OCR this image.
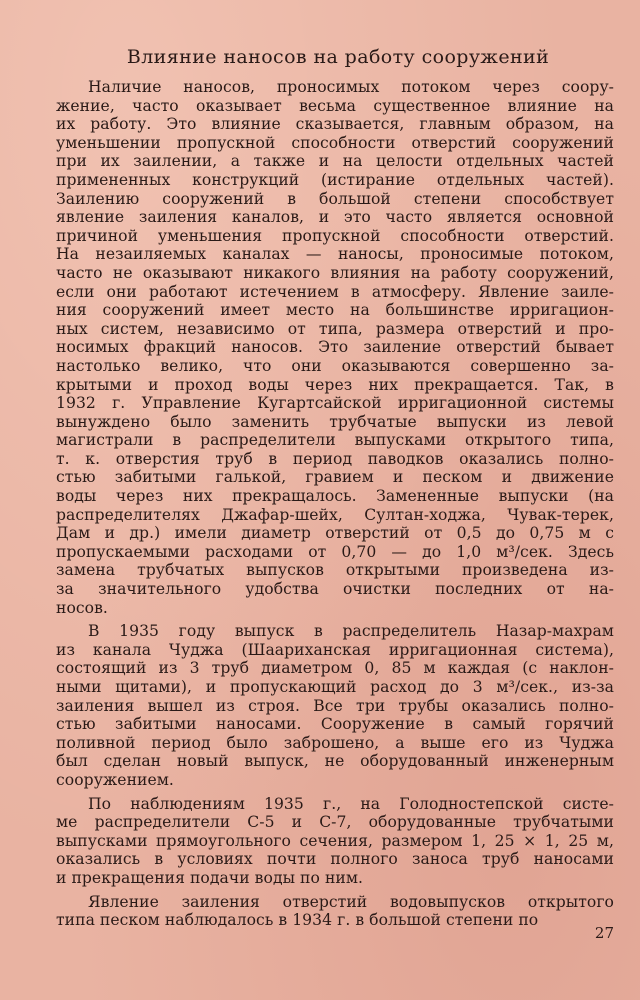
Влияние наносов на работу сооружений
Наличие наносов, проносимых потоком через соору-
жение, часто оказывает весьма существенное влияние на
их работу. Это влияние сказывается, главным образом, на
уменьшении пропускной способности отверстий сооружений
при их заилении, а также и на целости отдельных частей
примененных конструкций (истирание отдельных частей).
Заилению сооружений в большой степени способствует
явление заиления каналов, и это часто является основной
причиной уменьшения пропускной способности отверстий.
На незаиляемых каналах — наносы, проносимые потоком,
часто не оказывают никакого влияния на работу сооружений,
если они работают истечением в атмосферу. Явление заиле-
ния сооружений имеет место на большинстве ирригацион-
ных систем, независимо от типа, размера отверстий и про-
носимых фракций наносов. Это заиление отверстий бывает
настолько велико, что они оказываются совершенно за-
крытыми и проход воды через них прекращается. Так, в
1932 г. Управление Кугартсайской ирригационной системы
вынуждено было заменить трубчатые выпуски из левой
магистрали в распределители выпусками открытого типа,
т. к. отверстия труб в период паводков оказались полно-
стью забитыми галькой, гравием и песком и движение
воды через них прекращалось. Замененные выпуски (на
распределителях Джафар-шейх, Султан-ходжа, Чувак-терек,
Дам и др.) имели диаметр отверстий от 0,5 до 0,75 м с
пропускаемыми расходами от 0,70 — до 1,0 м³/сек. Здесь
замена трубчатых выпусков открытыми произведена из-
за значительного удобства очистки последних от на-
носов.
В 1935 году выпуск в распределитель Назар-махрам
из канала Чуджа (Шаариханская ирригационная система),
состоящий из 3 труб диаметром 0, 85 м каждая (с наклон-
ными щитами), и пропускающий расход до 3 м³/сек., из-за
заиления вышел из строя. Все три трубы оказались полно-
стью забитыми наносами. Сооружение в самый горячий
поливной период было заброшено, а выше его из Чуджа
был сделан новый выпуск, не оборудованный инженерным
сооружением.
По наблюдениям 1935 г., на Голодностепской систе-
ме распределители С-5 и С-7, оборудованные трубчатыми
выпусками прямоугольного сечения, размером 1, 25 × 1, 25 м,
оказались в условиях почти полного заноса труб наносами
и прекращения подачи воды по ним.
Явление заиления отверстий водовыпусков открытого
типа песком наблюдалось в 1934 г. в большой степени по
27
